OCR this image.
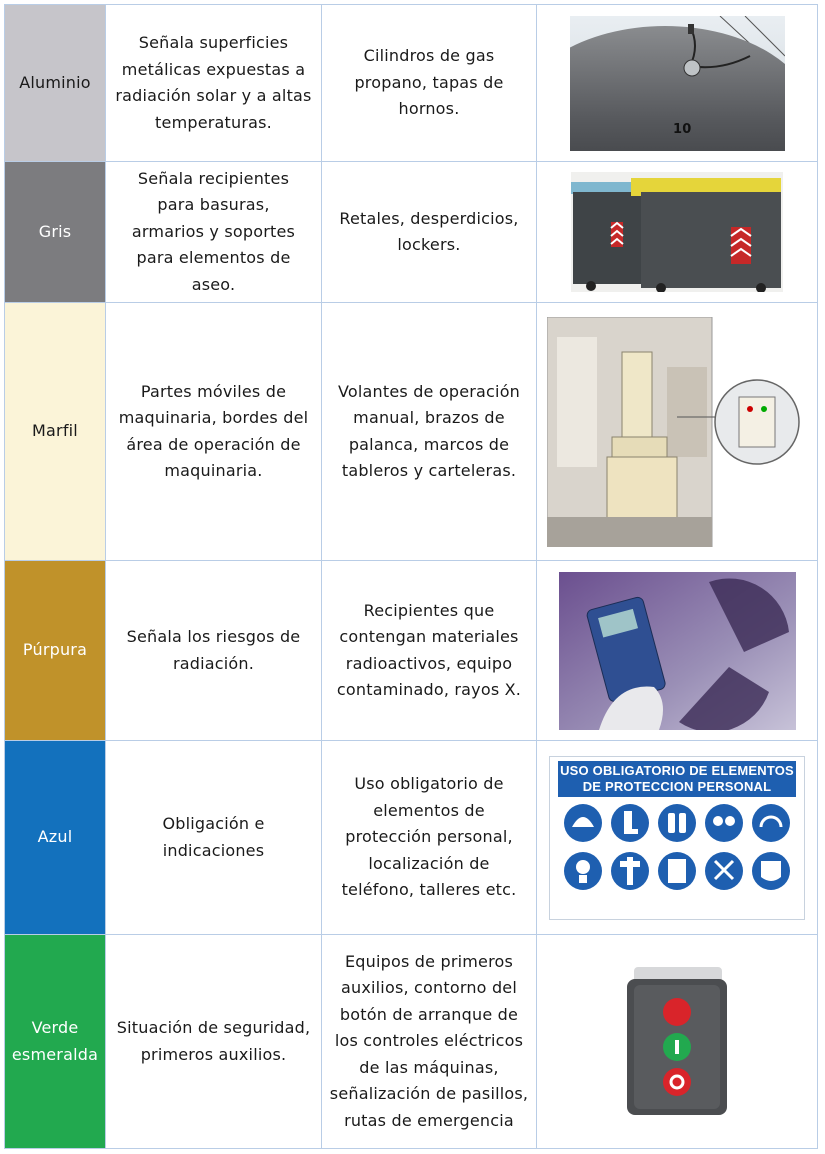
Aluminio	Señala superficies metálicas expuestas a radiación solar y a altas temperaturas.	Cilindros de gas propano, tapas de hornos.	10

Gris	Señala recipientes para basuras, armarios y soportes para elementos de aseo.	Retales, desperdicios, lockers.

Marfil	Partes móviles de maquinaria, bordes del área de operación de maquinaria.	Volantes de operación manual, brazos de palanca, marcos de tableros y carteleras.

Púrpura	Señala los riesgos de radiación.	Recipientes que contengan materiales radioactivos, equipo contaminado, rayos X.

Azul	Obligación e indicaciones	Uso obligatorio de elementos de protección personal, localización de teléfono, talleres etc.	USO OBLIGATORIO DE ELEMENTOS
DE PROTECCION PERSONAL

Verde esmeralda	Situación de seguridad, primeros auxilios.	Equipos de primeros auxilios, contorno del botón de arranque de los controles eléctricos de las máquinas, señalización de pasillos, rutas de emergencia
